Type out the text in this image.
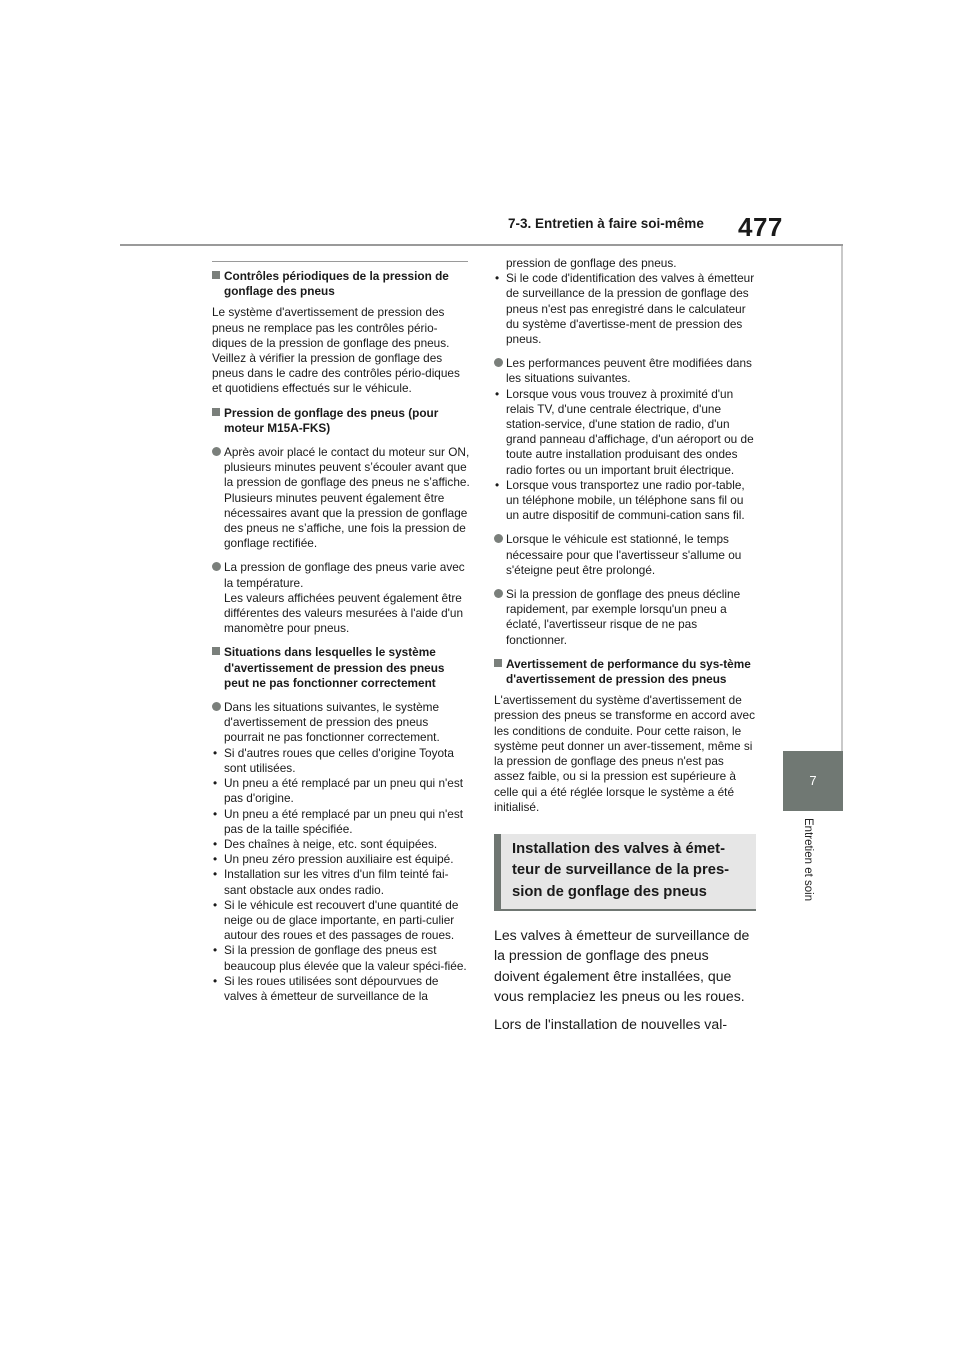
7-3. Entretien à faire soi-même 477
7
Entretien et soin

Contrôles périodiques de la pression de gonflage des pneus

Le système d'avertissement de pression des pneus ne remplace pas les contrôles pério-diques de la pression de gonflage des pneus. Veillez à vérifier la pression de gonflage des pneus dans le cadre des contrôles pério-diques et quotidiens effectués sur le véhicule.

Pression de gonflage des pneus (pour moteur M15A-FKS)

Après avoir placé le contact du moteur sur ON, plusieurs minutes peuvent s’écouler avant que la pression de gonflage des pneus ne s’affiche. Plusieurs minutes peuvent également être nécessaires avant que la pression de gonflage des pneus ne s’affiche, une fois la pression de gonflage rectifiée.

La pression de gonflage des pneus varie avec la température.
Les valeurs affichées peuvent également être différentes des valeurs mesurées à l'aide d'un manomètre pour pneus.

Situations dans lesquelles le système d'avertissement de pression des pneus peut ne pas fonctionner correctement

Dans les situations suivantes, le système d'avertissement de pression des pneus pourrait ne pas fonctionner correctement.

• Si d'autres roues que celles d'origine Toyota sont utilisées.

• Un pneu a été remplacé par un pneu qui n'est pas d'origine.

• Un pneu a été remplacé par un pneu qui n'est pas de la taille spécifiée.

• Des chaînes à neige, etc. sont équipées.

• Un pneu zéro pression auxiliaire est équipé.

• Installation sur les vitres d'un film teinté fai-sant obstacle aux ondes radio.

• Si le véhicule est recouvert d'une quantité de neige ou de glace importante, en parti-culier autour des roues et des passages de roues.

• Si la pression de gonflage des pneus est beaucoup plus élevée que la valeur spéci-fiée.

• Si les roues utilisées sont dépourvues de valves à émetteur de surveillance de la

pression de gonflage des pneus.

• Si le code d'identification des valves à émetteur de surveillance de la pression de gonflage des pneus n'est pas enregistré dans le calculateur du système d'avertisse-ment de pression des pneus.

Les performances peuvent être modifiées dans les situations suivantes.

• Lorsque vous vous trouvez à proximité d'un relais TV, d'une centrale électrique, d'une station-service, d'une station de radio, d'un grand panneau d'affichage, d'un aéroport ou de toute autre installation produisant des ondes radio fortes ou un important bruit électrique.

• Lorsque vous transportez une radio por-table, un téléphone mobile, un téléphone sans fil ou un autre dispositif de communi-cation sans fil.

Lorsque le véhicule est stationné, le temps nécessaire pour que l'avertisseur s'allume ou s'éteigne peut être prolongé.

Si la pression de gonflage des pneus décline rapidement, par exemple lorsqu'un pneu a éclaté, l'avertisseur risque de ne pas fonctionner.

Avertissement de performance du sys-tème d'avertissement de pression des pneus

L'avertissement du système d'avertissement de pression des pneus se transforme en accord avec les conditions de conduite. Pour cette raison, le système peut donner un aver-tissement, même si la pression de gonflage des pneus n'est pas assez faible, ou si la pression est supérieure à celle qui a été réglée lorsque le système a été initialisé.

Installation des valves à émet-
teur de surveillance de la pres-
sion de gonflage des pneus

Les valves à émetteur de surveillance de la pression de gonflage des pneus doivent également être installées, que vous remplaciez les pneus ou les roues.

Lors de l'installation de nouvelles val-
